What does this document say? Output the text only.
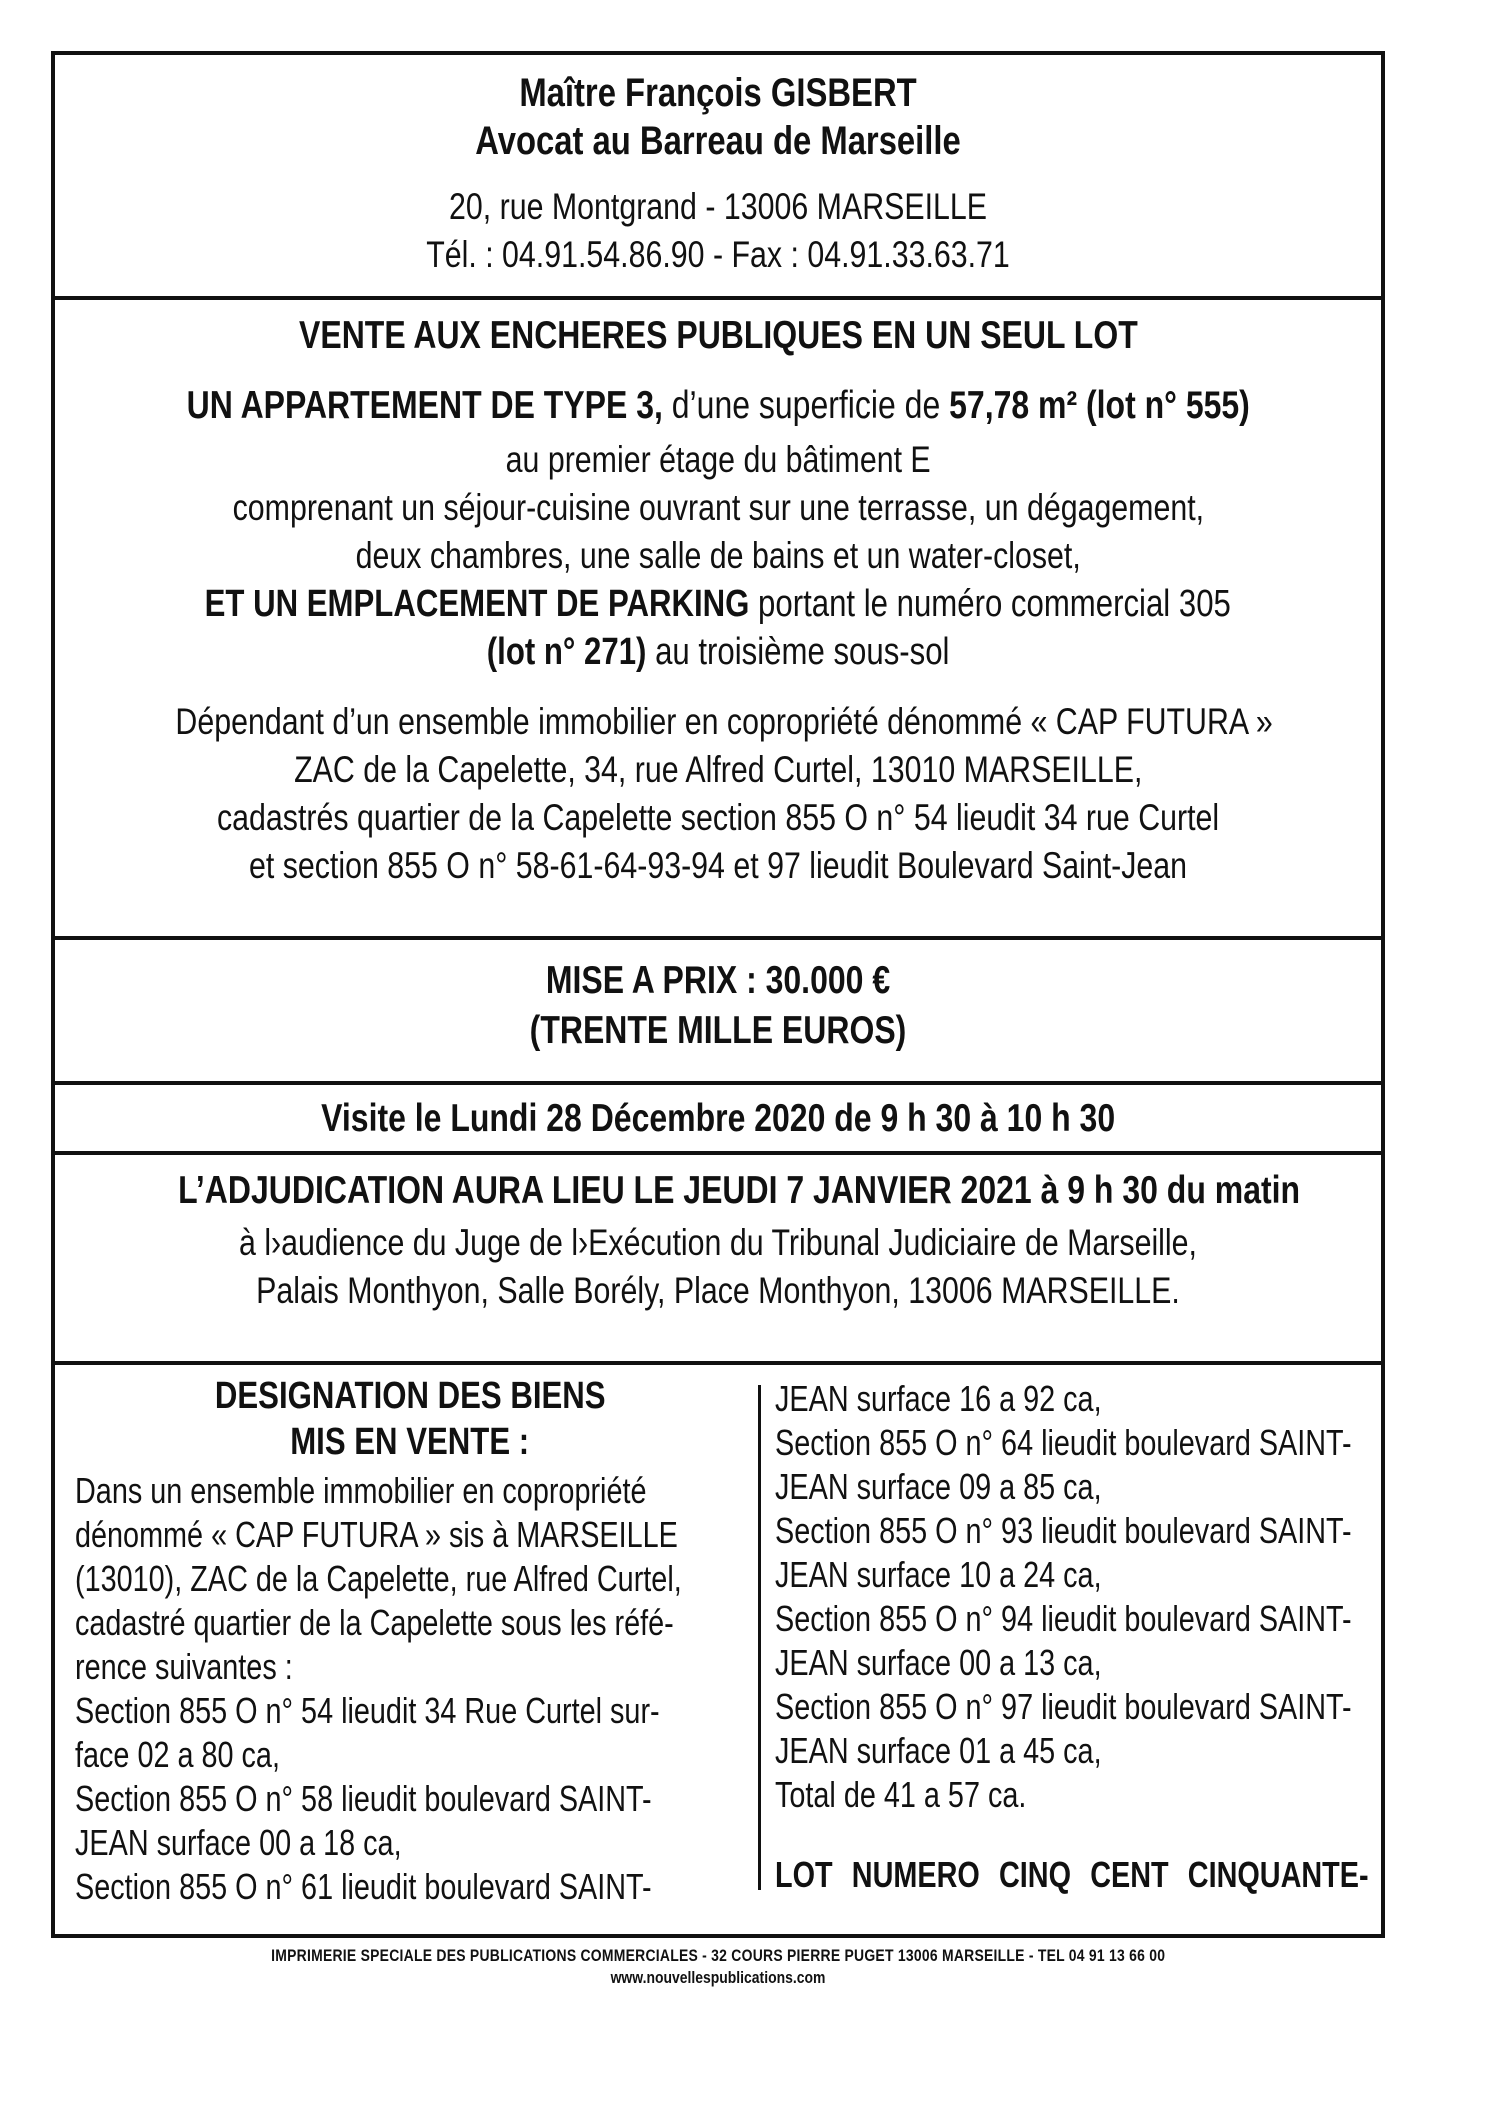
Maître François GISBERT
Avocat au Barreau de Marseille
20, rue Montgrand - 13006 MARSEILLE
Tél. : 04.91.54.86.90 - Fax : 04.91.33.63.71
VENTE AUX ENCHERES PUBLIQUES EN UN SEUL LOT
UN APPARTEMENT DE TYPE 3, d’une superficie de 57,78 m² (lot n° 555)
au premier étage du bâtiment E
comprenant un séjour-cuisine ouvrant sur une terrasse, un dégagement,
deux chambres, une salle de bains et un water-closet,
ET UN EMPLACEMENT DE PARKING portant le numéro commercial 305
(lot n° 271) au troisième sous-sol
Dépendant d’un ensemble immobilier en copropriété dénommé « CAP FUTURA »
ZAC de la Capelette, 34, rue Alfred Curtel, 13010 MARSEILLE,
cadastrés quartier de la Capelette section 855 O n° 54 lieudit 34 rue Curtel
et section 855 O n° 58-61-64-93-94 et 97 lieudit Boulevard Saint-Jean
MISE A PRIX : 30.000 €
(TRENTE MILLE EUROS)
Visite le Lundi 28 Décembre 2020 de 9 h 30 à 10 h 30
L’ADJUDICATION AURA LIEU LE JEUDI 7 JANVIER 2021 à 9 h 30 du matin
à l›audience du Juge de l›Exécution du Tribunal Judiciaire de Marseille,
Palais Monthyon, Salle Borély, Place Monthyon, 13006 MARSEILLE.
DESIGNATION DES BIENS
MIS EN VENTE :
Dans un ensemble immobilier en copropriété
dénommé « CAP FUTURA » sis à MARSEILLE
(13010), ZAC de la Capelette, rue Alfred Curtel,
cadastré quartier de la Capelette sous les réfé-
rence suivantes :
Section 855 O n° 54 lieudit 34 Rue Curtel sur-
face 02 a 80 ca,
Section 855 O n° 58 lieudit boulevard SAINT-
JEAN surface 00 a 18 ca,
Section 855 O n° 61 lieudit boulevard SAINT-
JEAN surface 16 a 92 ca,
Section 855 O n° 64 lieudit boulevard SAINT-
JEAN surface 09 a 85 ca,
Section 855 O n° 93 lieudit boulevard SAINT-
JEAN surface 10 a 24 ca,
Section 855 O n° 94 lieudit boulevard SAINT-
JEAN surface 00 a 13 ca,
Section 855 O n° 97 lieudit boulevard SAINT-
JEAN surface 01 a 45 ca,
Total de 41 a 57 ca.
LOT NUMERO CINQ CENT CINQUANTE-
IMPRIMERIE SPECIALE DES PUBLICATIONS COMMERCIALES - 32 COURS PIERRE PUGET 13006 MARSEILLE - TEL 04 91 13 66 00
www.nouvellespublications.com
